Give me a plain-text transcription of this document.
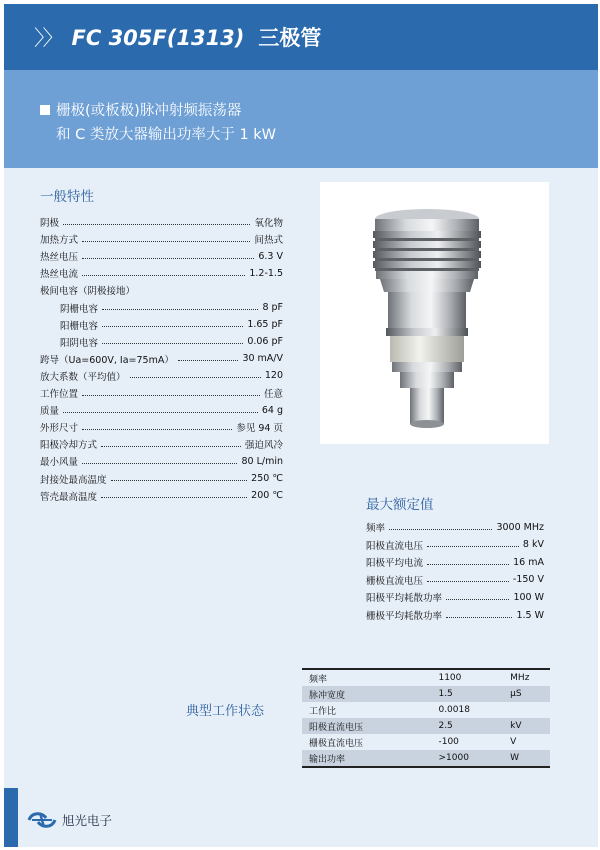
〉〉 FC 305F(1313) 三极管
栅极(或板极)脉冲射频振荡器
和 C 类放大器输出功率大于 1 kW
一般特性
阴极	氧化物
加热方式	间热式
热丝电压	6.3 V
热丝电流	1.2-1.5
极间电容（阴极接地）
阴栅电容	8 pF
阳栅电容	1.65 pF
阳阴电容	0.06 pF
跨导（Ua=600V, Ia=75mA）	30 mA/V
放大系数（平均值）	120
工作位置	任意
质量	64 g
外形尺寸	参见 94 页
阳极冷却方式	强迫风冷
最小风量	80 L/min
封接处最高温度	250 ℃
管壳最高温度	200 ℃
最大额定值
频率	3000 MHz
阳极直流电压	8 kV
阳极平均电流	16 mA
栅极直流电压	-150 V
阳极平均耗散功率	100 W
栅极平均耗散功率	1.5 W
典型工作状态
频率	1100	MHz
脉冲宽度	1.5	μS
工作比	0.0018
阳极直流电压	2.5	kV
栅极直流电压	-100	V
输出功率	>1000	W
旭光电子
